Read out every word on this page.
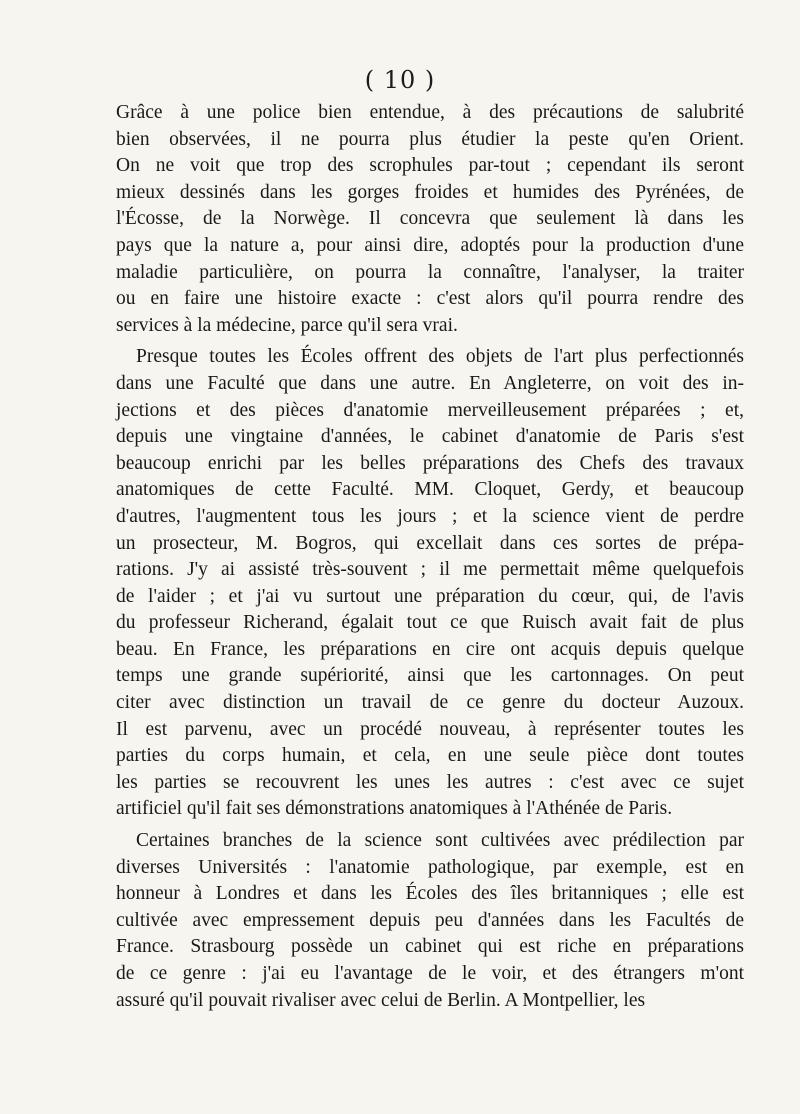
( 10 )
Grâce à une police bien entendue, à des précautions de salubrité
bien observées, il ne pourra plus étudier la peste qu'en Orient.
On ne voit que trop des scrophules par-tout ; cependant ils seront
mieux dessinés dans les gorges froides et humides des Pyrénées, de
l'Écosse, de la Norwège. Il concevra que seulement là dans les
pays que la nature a, pour ainsi dire, adoptés pour la production d'une
maladie particulière, on pourra la connaître, l'analyser, la traiter
ou en faire une histoire exacte : c'est alors qu'il pourra rendre des
services à la médecine, parce qu'il sera vrai.
Presque toutes les Écoles offrent des objets de l'art plus perfectionnés
dans une Faculté que dans une autre. En Angleterre, on voit des in-
jections et des pièces d'anatomie merveilleusement préparées ; et,
depuis une vingtaine d'années, le cabinet d'anatomie de Paris s'est
beaucoup enrichi par les belles préparations des Chefs des travaux
anatomiques de cette Faculté. MM. Cloquet, Gerdy, et beaucoup
d'autres, l'augmentent tous les jours ; et la science vient de perdre
un prosecteur, M. Bogros, qui excellait dans ces sortes de prépa-
rations. J'y ai assisté très-souvent ; il me permettait même quelquefois
de l'aider ; et j'ai vu surtout une préparation du cœur, qui, de l'avis
du professeur Richerand, égalait tout ce que Ruisch avait fait de plus
beau. En France, les préparations en cire ont acquis depuis quelque
temps une grande supériorité, ainsi que les cartonnages. On peut
citer avec distinction un travail de ce genre du docteur Auzoux.
Il est parvenu, avec un procédé nouveau, à représenter toutes les
parties du corps humain, et cela, en une seule pièce dont toutes
les parties se recouvrent les unes les autres : c'est avec ce sujet
artificiel qu'il fait ses démonstrations anatomiques à l'Athénée de Paris.
Certaines branches de la science sont cultivées avec prédilection par
diverses Universités : l'anatomie pathologique, par exemple, est en
honneur à Londres et dans les Écoles des îles britanniques ; elle est
cultivée avec empressement depuis peu d'années dans les Facultés de
France. Strasbourg possède un cabinet qui est riche en préparations
de ce genre : j'ai eu l'avantage de le voir, et des étrangers m'ont
assuré qu'il pouvait rivaliser avec celui de Berlin. A Montpellier, les
